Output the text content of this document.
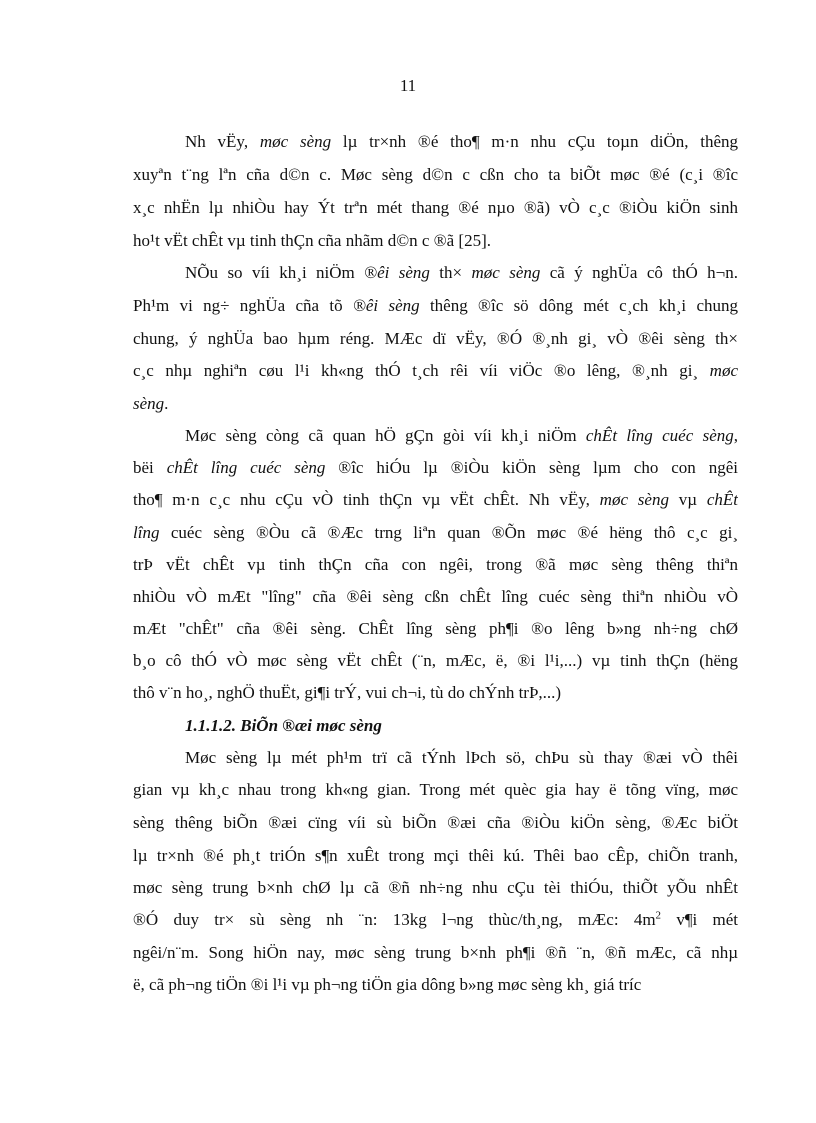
11
Nh vËy, møc sèng lµ tr×nh ®é tho¶ m·n nhu cÇu toµn diÖn, thêng
xuyªn t¨ng lªn cña d©n c. Møc sèng d©n c cßn cho ta biÕt møc ®é (c¸i ®îc
x¸c nhËn lµ nhiÒu hay Ýt trªn mét thang ®é nµo ®ã) vÒ c¸c ®iÒu kiÖn sinh
ho¹t vËt chÊt vµ tinh thÇn cña nhãm d©n c ®ã [25].
NÕu so víi kh¸i niÖm ®êi sèng th× møc sèng cã ý nghÜa cô thÓ h¬n.
Ph¹m vi ng÷ nghÜa cña tõ ®êi sèng thêng ®îc sö dông mét c¸ch kh¸i chung
chung, ý nghÜa bao hµm réng. MÆc dï vËy, ®Ó ®¸nh gi¸ vÒ ®êi sèng th×
c¸c nhµ nghiªn cøu l¹i kh«ng thÓ t¸ch rêi víi viÖc ®o lêng, ®¸nh gi¸ møc
sèng.
Møc sèng còng cã quan hÖ gÇn gòi víi kh¸i niÖm chÊt lîng cuéc sèng,
bëi chÊt lîng cuéc sèng ®îc hiÓu lµ ®iÒu kiÖn sèng lµm cho con ngêi
tho¶ m·n c¸c nhu cÇu vÒ tinh thÇn vµ vËt chÊt. Nh vËy, møc sèng vµ chÊt
lîng cuéc sèng ®Òu cã ®Æc trng liªn quan ®Õn møc ®é hëng thô c¸c gi¸
trÞ vËt chÊt vµ tinh thÇn cña con ngêi, trong ®ã møc sèng thêng thiªn
nhiÒu vÒ mÆt "lîng" cña ®êi sèng cßn chÊt lîng cuéc sèng thiªn nhiÒu vÒ
mÆt "chÊt" cña ®êi sèng. ChÊt lîng sèng ph¶i ®o lêng b»ng nh÷ng chØ
b¸o cô thÓ vÒ møc sèng vËt chÊt (¨n, mÆc, ë, ®i l¹i,...) vµ tinh thÇn (hëng
thô v¨n ho¸, nghÖ thuËt, gi¶i trÝ, vui ch¬i, tù do chÝnh trÞ,...)
1.1.1.2. BiÕn ®æi møc sèng
Møc sèng lµ mét ph¹m trï cã tÝnh lÞch sö, chÞu sù thay ®æi vÒ thêi
gian vµ kh¸c nhau trong kh«ng gian. Trong mét quèc gia hay ë tõng vïng, møc
sèng thêng biÕn ®æi cïng víi sù biÕn ®æi cña ®iÒu kiÖn sèng, ®Æc biÖt
lµ tr×nh ®é ph¸t triÓn s¶n xuÊt trong mçi thêi kú. Thêi bao cÊp, chiÕn tranh,
møc sèng trung b×nh chØ lµ cã ®ñ nh÷ng nhu cÇu tèi thiÓu, thiÕt yÕu nhÊt
®Ó duy tr× sù sèng nh ¨n: 13kg l¬ng thùc/th¸ng, mÆc: $4m^2$ v¶i mét
ngêi/n¨m. Song hiÖn nay, møc sèng trung b×nh ph¶i ®ñ ¨n, ®ñ mÆc, cã nhµ
ë, cã ph¬ng tiÖn ®i l¹i vµ ph¬ng tiÖn gia dông b»ng møc sèng kh¸ giá tríc
